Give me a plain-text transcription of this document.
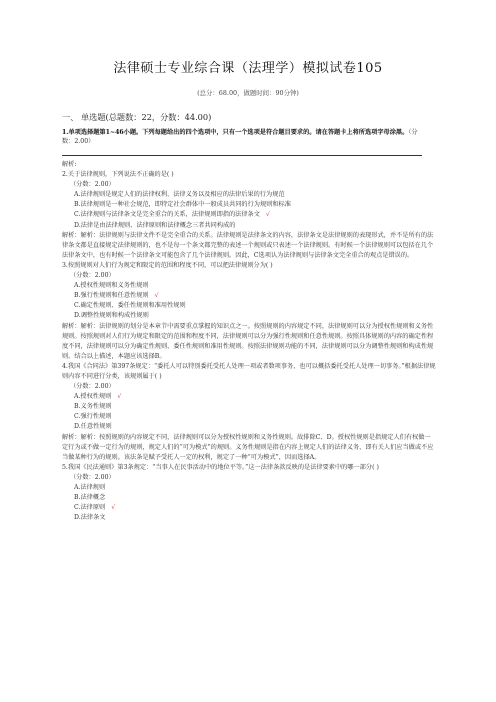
法律硕士专业综合课（法理学）模拟试卷105
(总分：68.00，做题时间：90分钟)
一、 单选题(总题数：22，分数：44.00)
1.单项选择题第1~46小题。下列每题给出的四个选项中，只有一个选项是符合题目要求的。请在答题卡上将所选项字母涂黑。（分数：2.00）

解析:

2.关于法律规则，下列说法不正确的是( )

（分数：2.00）

A.法律规则是规定人们的法律权利、法律义务以及相应的法律后果的行为规范

B.法律规则是一种社会规范，即特定社会群体中一般成员共同的行为规则和标准

C.法律规则与法律条文是完全重合的关系，法律规则即指的法律条文 √

D.法律是由法律规则、法律原则和法律概念三者共同构成的

解析：解析：法律规则与法律文件不是完全重合的关系。法律规则是法律条文的内容，法律条文是法律规则的表现形式，并不是所有的法律条文都是直接规定法律规则的，也不是每一个条文都完整的表述一个规则或只表述一个法律规则。有时候一个法律规则可以包括在几个法律条文中，也有时候一个法律条文可能包含了几个法律规则。因此，C选项认为法律规则与法律条文完全重合的观点是错误的。

3.按照规则对人们行为规定和限定的范围和程度不同，可以把法律规则分为( )

（分数：2.00）

A.授权性规则和义务性规则

B.强行性规则和任意性规则 √

C.确定性规则、委任性规则和准用性规则

D.调整性规则和构成性规则

解析：解析：法律规则的划分是本章节中需要重点掌握的知识点之一。按照规则的内容规定不同，法律规则可以分为授权性规则和义务性规则。按照规则对人们行为规定和限定的范围和程度不同，法律规则可以分为强行性规则和任意性规则。按照具体规则的内容的确定性程度不同，法律规则可以分为确定性规则、委任性规则和准用性规则。按照法律规则功能的不同，法律规则可以分为调整性规则和构成性规则。结合以上描述，本题应该选择B。

4.我国《合同法》第397条规定：“委托人可以特别委托受托人处理一项或者数项事务，也可以概括委托受托人处理一切事务。”根据法律规则内容不同进行分类，该规则属于( )

（分数：2.00）

A.授权性规则 √

B.义务性规则

C.强行性规则

D.任意性规则

解析：解析：按照规则的内容规定不同，法律规则可以分为授权性规则和义务性规则。故排除C、D。授权性规则是指规定人们有权做一定行为或不做一定行为的规则，规定人们的“可为模式”的规则。义务性规则是指在内容上规定人们的法律义务，即有关人们应当做或不应当做某种行为的规则。该法条是赋予受托人一定的权利，规定了一种“可为模式”，因而选择A。

5.我国《民法通则》第3条规定：“当事人在民事活动中的地位平等。”这一法律条款反映的是法律要素中的哪一部分( )

（分数：2.00）

A.法律规则

B.法律概念

C.法律原则 √

D.法律条文
